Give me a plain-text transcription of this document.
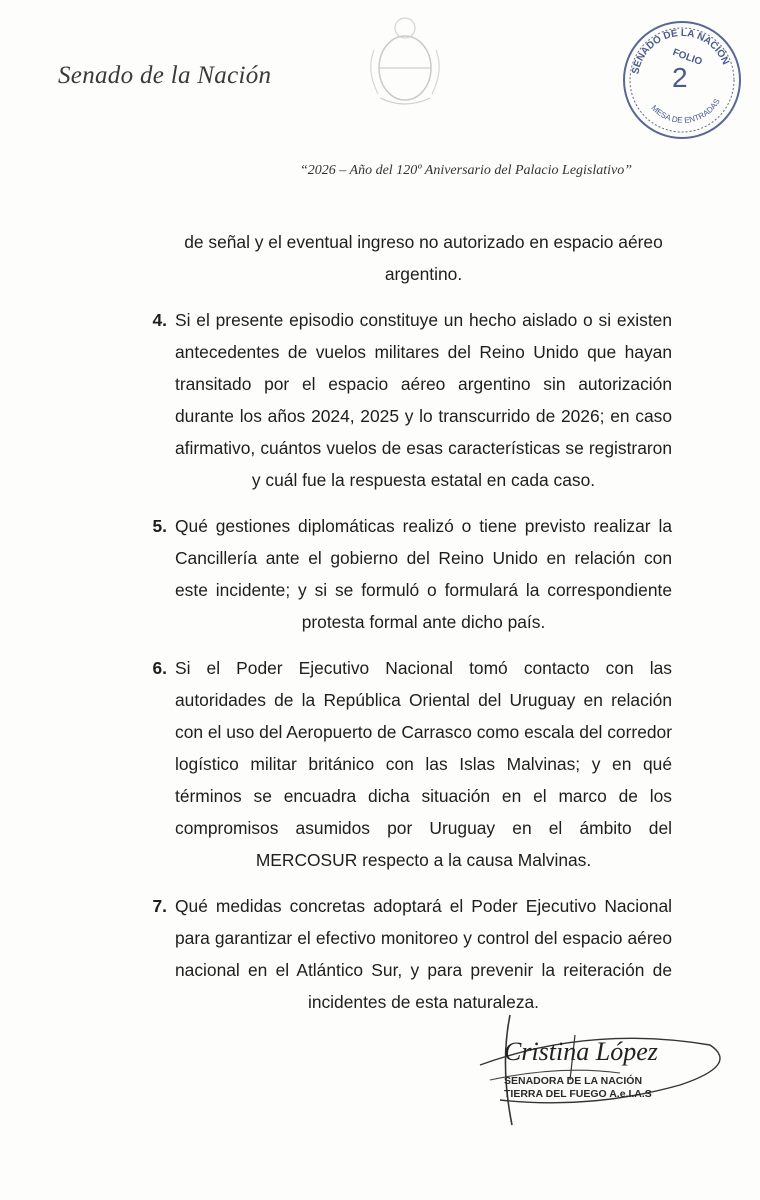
Senado de la Nación	SENADO DE LA NACIÓN
MESA DE ENTRADAS
FOLIO
2
“2026 – Año del 120º Aniversario del Palacio Legislativo”

de señal y el eventual ingreso no autorizado en espacio aéreo argentino.

4. Si el presente episodio constituye un hecho aislado o si existen antecedentes de vuelos militares del Reino Unido que hayan transitado por el espacio aéreo argentino sin autorización durante los años 2024, 2025 y lo transcurrido de 2026; en caso afirmativo, cuántos vuelos de esas características se registraron y cuál fue la respuesta estatal en cada caso.
5. Qué gestiones diplomáticas realizó o tiene previsto realizar la Cancillería ante el gobierno del Reino Unido en relación con este incidente; y si se formuló o formulará la correspondiente protesta formal ante dicho país.
6. Si el Poder Ejecutivo Nacional tomó contacto con las autoridades de la República Oriental del Uruguay en relación con el uso del Aeropuerto de Carrasco como escala del corredor logístico militar británico con las Islas Malvinas; y en qué términos se encuadra dicha situación en el marco de los compromisos asumidos por Uruguay en el ámbito del MERCOSUR respecto a la causa Malvinas.
7. Qué medidas concretas adoptará el Poder Ejecutivo Nacional para garantizar el efectivo monitoreo y control del espacio aéreo nacional en el Atlántico Sur, y para prevenir la reiteración de incidentes de esta naturaleza.
Cristina López
SENADORA DE LA NACIÓN
TIERRA DEL FUEGO A.e.I.A.S
